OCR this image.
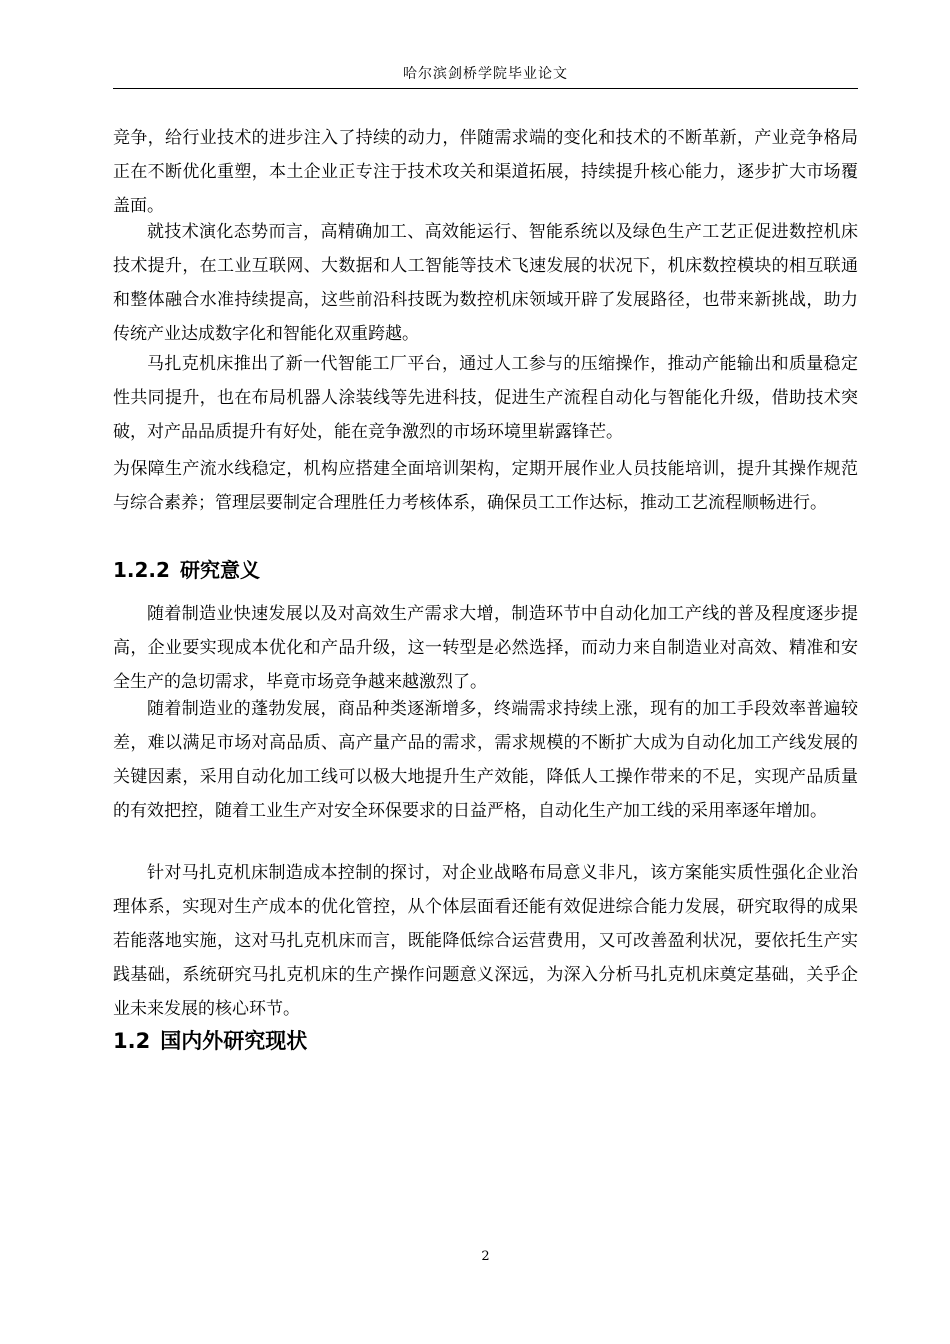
哈尔滨剑桥学院毕业论文

竞争，给行业技术的进步注入了持续的动力，伴随需求端的变化和技术的不断革新，产业竞争格局正在不断优化重塑，本土企业正专注于技术攻关和渠道拓展，持续提升核心能力，逐步扩大市场覆盖面。

就技术演化态势而言，高精确加工、高效能运行、智能系统以及绿色生产工艺正促进数控机床技术提升，在工业互联网、大数据和人工智能等技术飞速发展的状况下，机床数控模块的相互联通和整体融合水准持续提高，这些前沿科技既为数控机床领域开辟了发展路径，也带来新挑战，助力传统产业达成数字化和智能化双重跨越。

马扎克机床推出了新一代智能工厂平台，通过人工参与的压缩操作，推动产能输出和质量稳定性共同提升，也在布局机器人涂装线等先进科技，促进生产流程自动化与智能化升级，借助技术突破，对产品品质提升有好处，能在竞争激烈的市场环境里崭露锋芒。

为保障生产流水线稳定，机构应搭建全面培训架构，定期开展作业人员技能培训，提升其操作规范与综合素养；管理层要制定合理胜任力考核体系，确保员工工作达标，推动工艺流程顺畅进行。

1.2.2 研究意义

随着制造业快速发展以及对高效生产需求大增，制造环节中自动化加工产线的普及程度逐步提高，企业要实现成本优化和产品升级，这一转型是必然选择，而动力来自制造业对高效、精准和安全生产的急切需求，毕竟市场竞争越来越激烈了。

随着制造业的蓬勃发展，商品种类逐渐增多，终端需求持续上涨，现有的加工手段效率普遍较差，难以满足市场对高品质、高产量产品的需求，需求规模的不断扩大成为自动化加工产线发展的关键因素，采用自动化加工线可以极大地提升生产效能，降低人工操作带来的不足，实现产品质量的有效把控，随着工业生产对安全环保要求的日益严格，自动化生产加工线的采用率逐年增加。

针对马扎克机床制造成本控制的探讨，对企业战略布局意义非凡，该方案能实质性强化企业治理体系，实现对生产成本的优化管控，从个体层面看还能有效促进综合能力发展，研究取得的成果若能落地实施，这对马扎克机床而言，既能降低综合运营费用，又可改善盈利状况，要依托生产实践基础，系统研究马扎克机床的生产操作问题意义深远，为深入分析马扎克机床奠定基础，关乎企业未来发展的核心环节。

1.2 国内外研究现状
2
